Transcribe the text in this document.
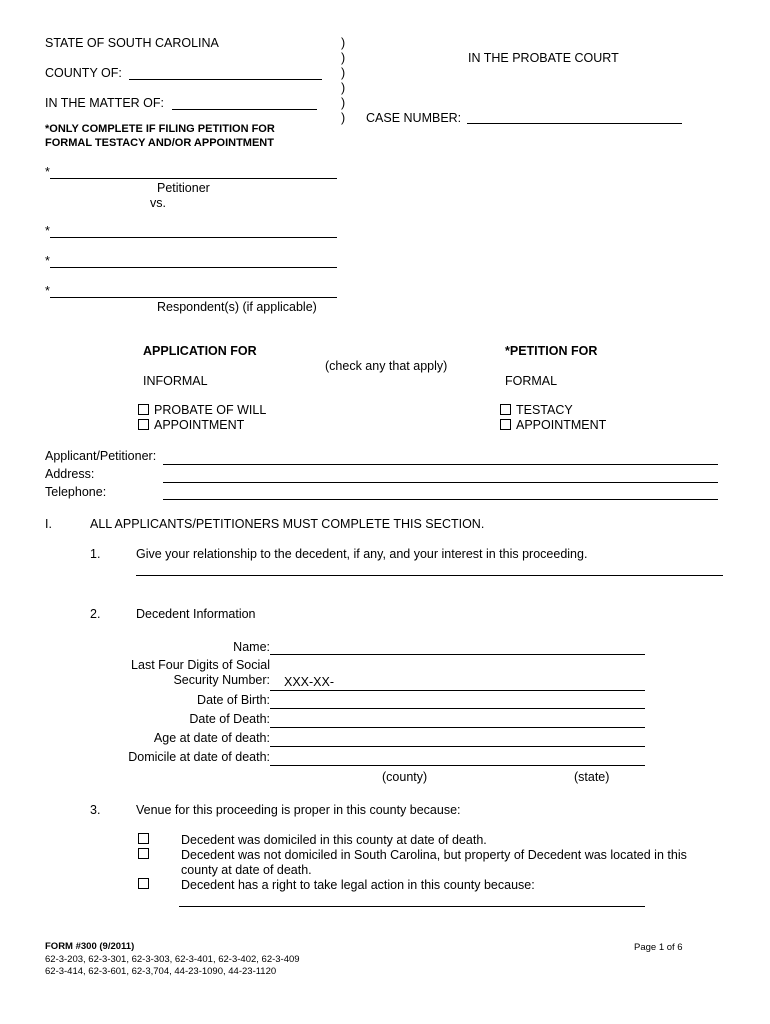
STATE OF SOUTH CAROLINA
COUNTY OF:
IN THE MATTER OF:
)
)
)
)
)
)
IN THE PROBATE COURT
CASE NUMBER:
*ONLY COMPLETE IF FILING PETITION FOR
FORMAL TESTACY AND/OR APPOINTMENT
*
Petitioner
vs.
*
*
*
Respondent(s) (if applicable)
APPLICATION FOR
(check any that apply)
*PETITION FOR
INFORMAL	FORMAL
PROBATE OF WILL
APPOINTMENT
TESTACY
APPOINTMENT
Applicant/Petitioner:
Address:
Telephone:
I.	ALL APPLICANTS/PETITIONERS MUST COMPLETE THIS SECTION.
1.	Give your relationship to the decedent, if any, and your interest in this proceeding.
2.	Decedent Information
Name:
Last Four Digits of Social
Security Number: XXX-XX-
Date of Birth:
Date of Death:
Age at date of death:
Domicile at date of death:
(county)	(state)
3.	Venue for this proceeding is proper in this county because:
Decedent was domiciled in this county at date of death.
Decedent was not domiciled in South Carolina, but property of Decedent was located in this
county at date of death.
Decedent has a right to take legal action in this county because:
FORM #300 (9/2011)
62-3-203, 62-3-301, 62-3-303, 62-3-401, 62-3-402, 62-3-409
62-3-414, 62-3-601, 62-3,704, 44-23-1090, 44-23-1120
Page 1 of 6
